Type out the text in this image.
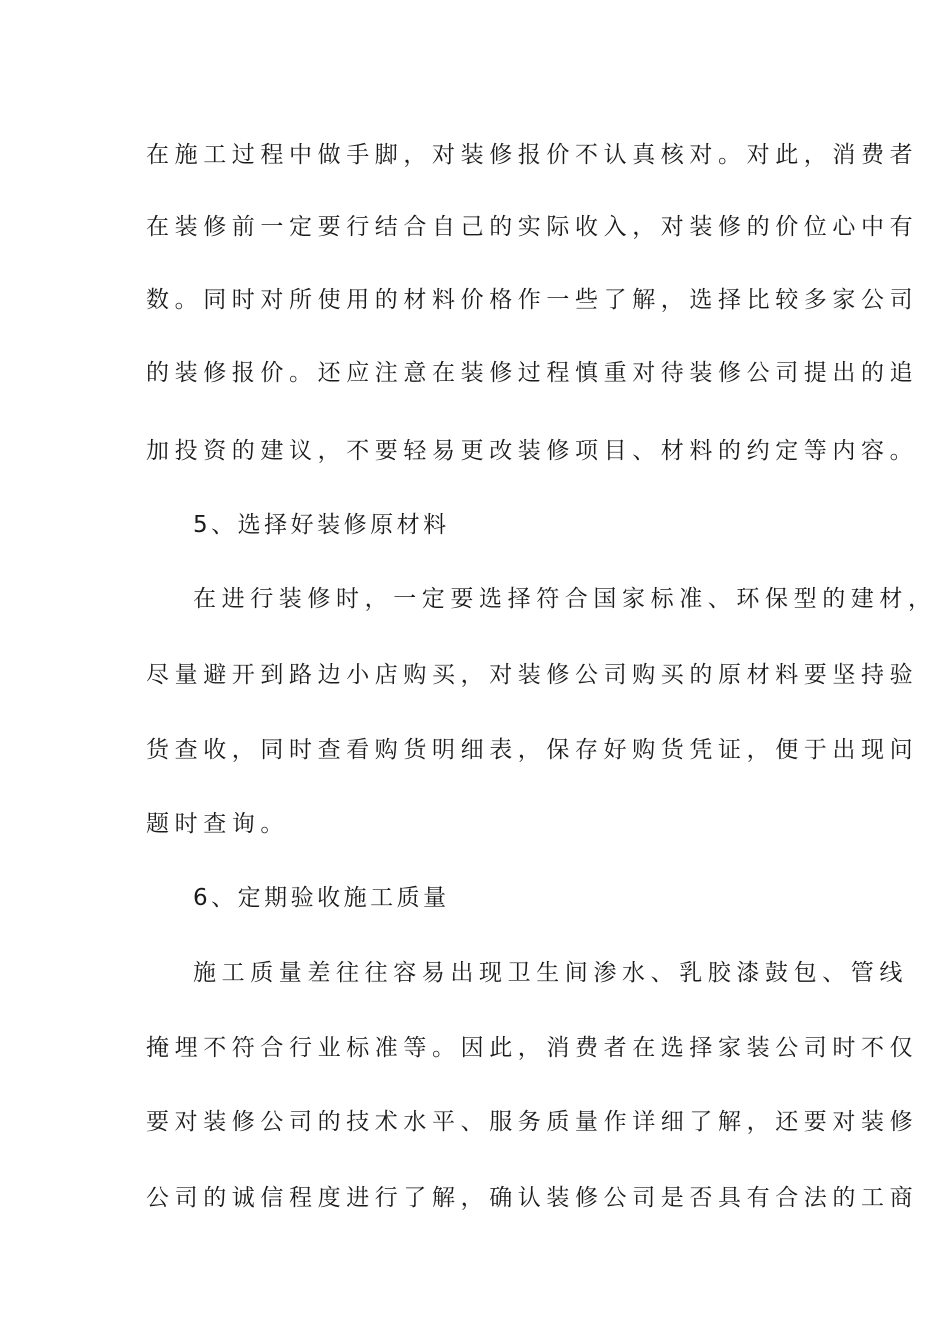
在施工过程中做手脚，对装修报价不认真核对。对此，消费者
在装修前一定要行结合自己的实际收入，对装修的价位心中有
数。同时对所使用的材料价格作一些了解，选择比较多家公司
的装修报价。还应注意在装修过程慎重对待装修公司提出的追
加投资的建议，不要轻易更改装修项目、材料的约定等内容。
5、选择好装修原材料
在进行装修时，一定要选择符合国家标准、环保型的建材，
尽量避开到路边小店购买，对装修公司购买的原材料要坚持验
货查收，同时查看购货明细表，保存好购货凭证，便于出现问
题时查询。
6、定期验收施工质量
施工质量差往往容易出现卫生间渗水、乳胶漆鼓包、管线
掩埋不符合行业标准等。因此，消费者在选择家装公司时不仅
要对装修公司的技术水平、服务质量作详细了解，还要对装修
公司的诚信程度进行了解，确认装修公司是否具有合法的工商
